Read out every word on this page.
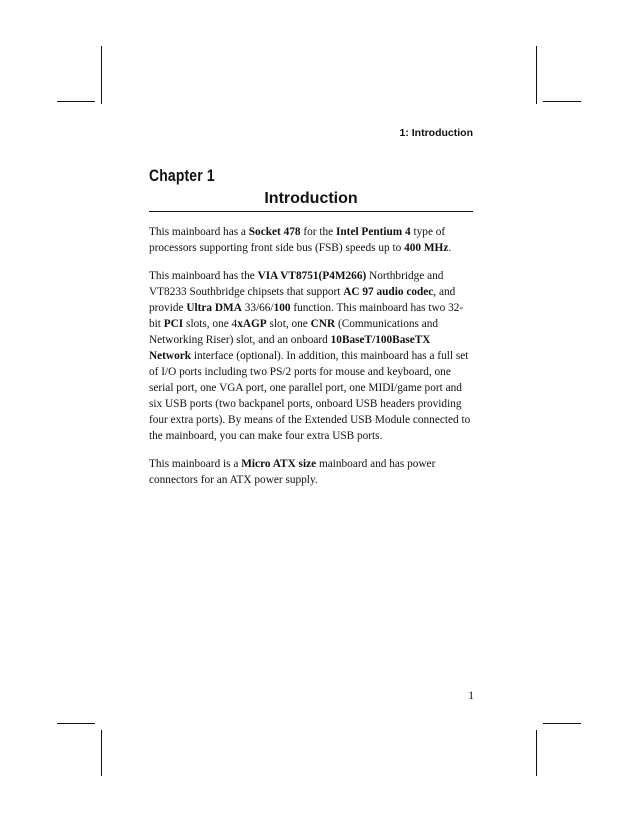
1: Introduction
Chapter 1
Introduction

This mainboard has a Socket 478 for the Intel Pentium 4 type of processors supporting front side bus (FSB) speeds up to 400 MHz.

This mainboard has the VIA VT8751(P4M266) Northbridge and VT8233 Southbridge chipsets that support AC 97 audio codec, and provide Ultra DMA 33/66/100 function. This mainboard has two 32-bit PCI slots, one 4xAGP slot, one CNR (Communications and Networking Riser) slot, and an onboard 10BaseT/100BaseTX Network interface (optional). In addition, this mainboard has a full set of I/O ports including two PS/2 ports for mouse and keyboard, one serial port, one VGA port, one parallel port, one MIDI/game port and six USB ports (two backpanel ports, onboard USB headers providing four extra ports). By means of the Extended USB Module connected to the mainboard, you can make four extra USB ports.

This mainboard is a Micro ATX size mainboard and has power connectors for an ATX power supply.

1
